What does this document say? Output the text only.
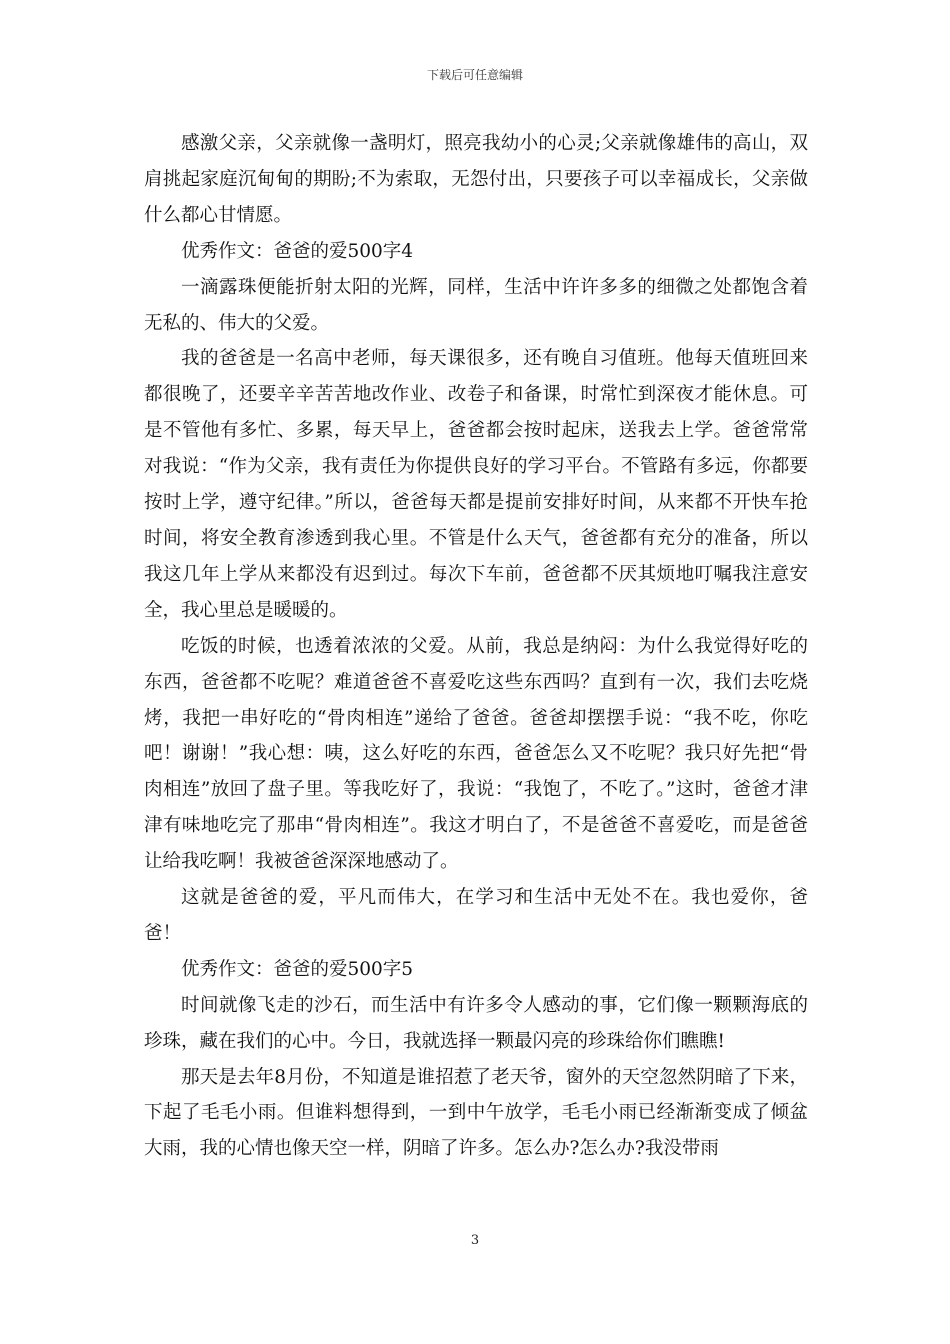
下载后可任意编辑

感激父亲，父亲就像一盏明灯，照亮我幼小的心灵;父亲就像雄伟的高山，双肩挑起家庭沉甸甸的期盼;不为索取，无怨付出，只要孩子可以幸福成长，父亲做什么都心甘情愿。

优秀作文：爸爸的爱500字4

一滴露珠便能折射太阳的光辉，同样，生活中许许多多的细微之处都饱含着无私的、伟大的父爱。

我的爸爸是一名高中老师，每天课很多，还有晚自习值班。他每天值班回来都很晚了，还要辛辛苦苦地改作业、改卷子和备课，时常忙到深夜才能休息。可是不管他有多忙、多累，每天早上，爸爸都会按时起床，送我去上学。爸爸常常对我说：“作为父亲，我有责任为你提供良好的学习平台。不管路有多远，你都要按时上学，遵守纪律。”所以，爸爸每天都是提前安排好时间，从来都不开快车抢时间，将安全教育渗透到我心里。不管是什么天气，爸爸都有充分的准备，所以我这几年上学从来都没有迟到过。每次下车前，爸爸都不厌其烦地叮嘱我注意安全，我心里总是暖暖的。

吃饭的时候，也透着浓浓的父爱。从前，我总是纳闷：为什么我觉得好吃的东西，爸爸都不吃呢？难道爸爸不喜爱吃这些东西吗？直到有一次，我们去吃烧烤，我把一串好吃的“骨肉相连”递给了爸爸。爸爸却摆摆手说：“我不吃，你吃吧！谢谢！”我心想：咦，这么好吃的东西，爸爸怎么又不吃呢？我只好先把“骨肉相连”放回了盘子里。等我吃好了，我说：“我饱了，不吃了。”这时，爸爸才津津有味地吃完了那串“骨肉相连”。我这才明白了，不是爸爸不喜爱吃，而是爸爸让给我吃啊！我被爸爸深深地感动了。

这就是爸爸的爱，平凡而伟大，在学习和生活中无处不在。我也爱你，爸爸！

优秀作文：爸爸的爱500字5

时间就像飞走的沙石，而生活中有许多令人感动的事，它们像一颗颗海底的珍珠，藏在我们的心中。今日，我就选择一颗最闪亮的珍珠给你们瞧瞧!

那天是去年8月份，不知道是谁招惹了老天爷，窗外的天空忽然阴暗了下来，下起了毛毛小雨。但谁料想得到，一到中午放学，毛毛小雨已经渐渐变成了倾盆大雨，我的心情也像天空一样，阴暗了许多。怎么办?怎么办?我没带雨

3
